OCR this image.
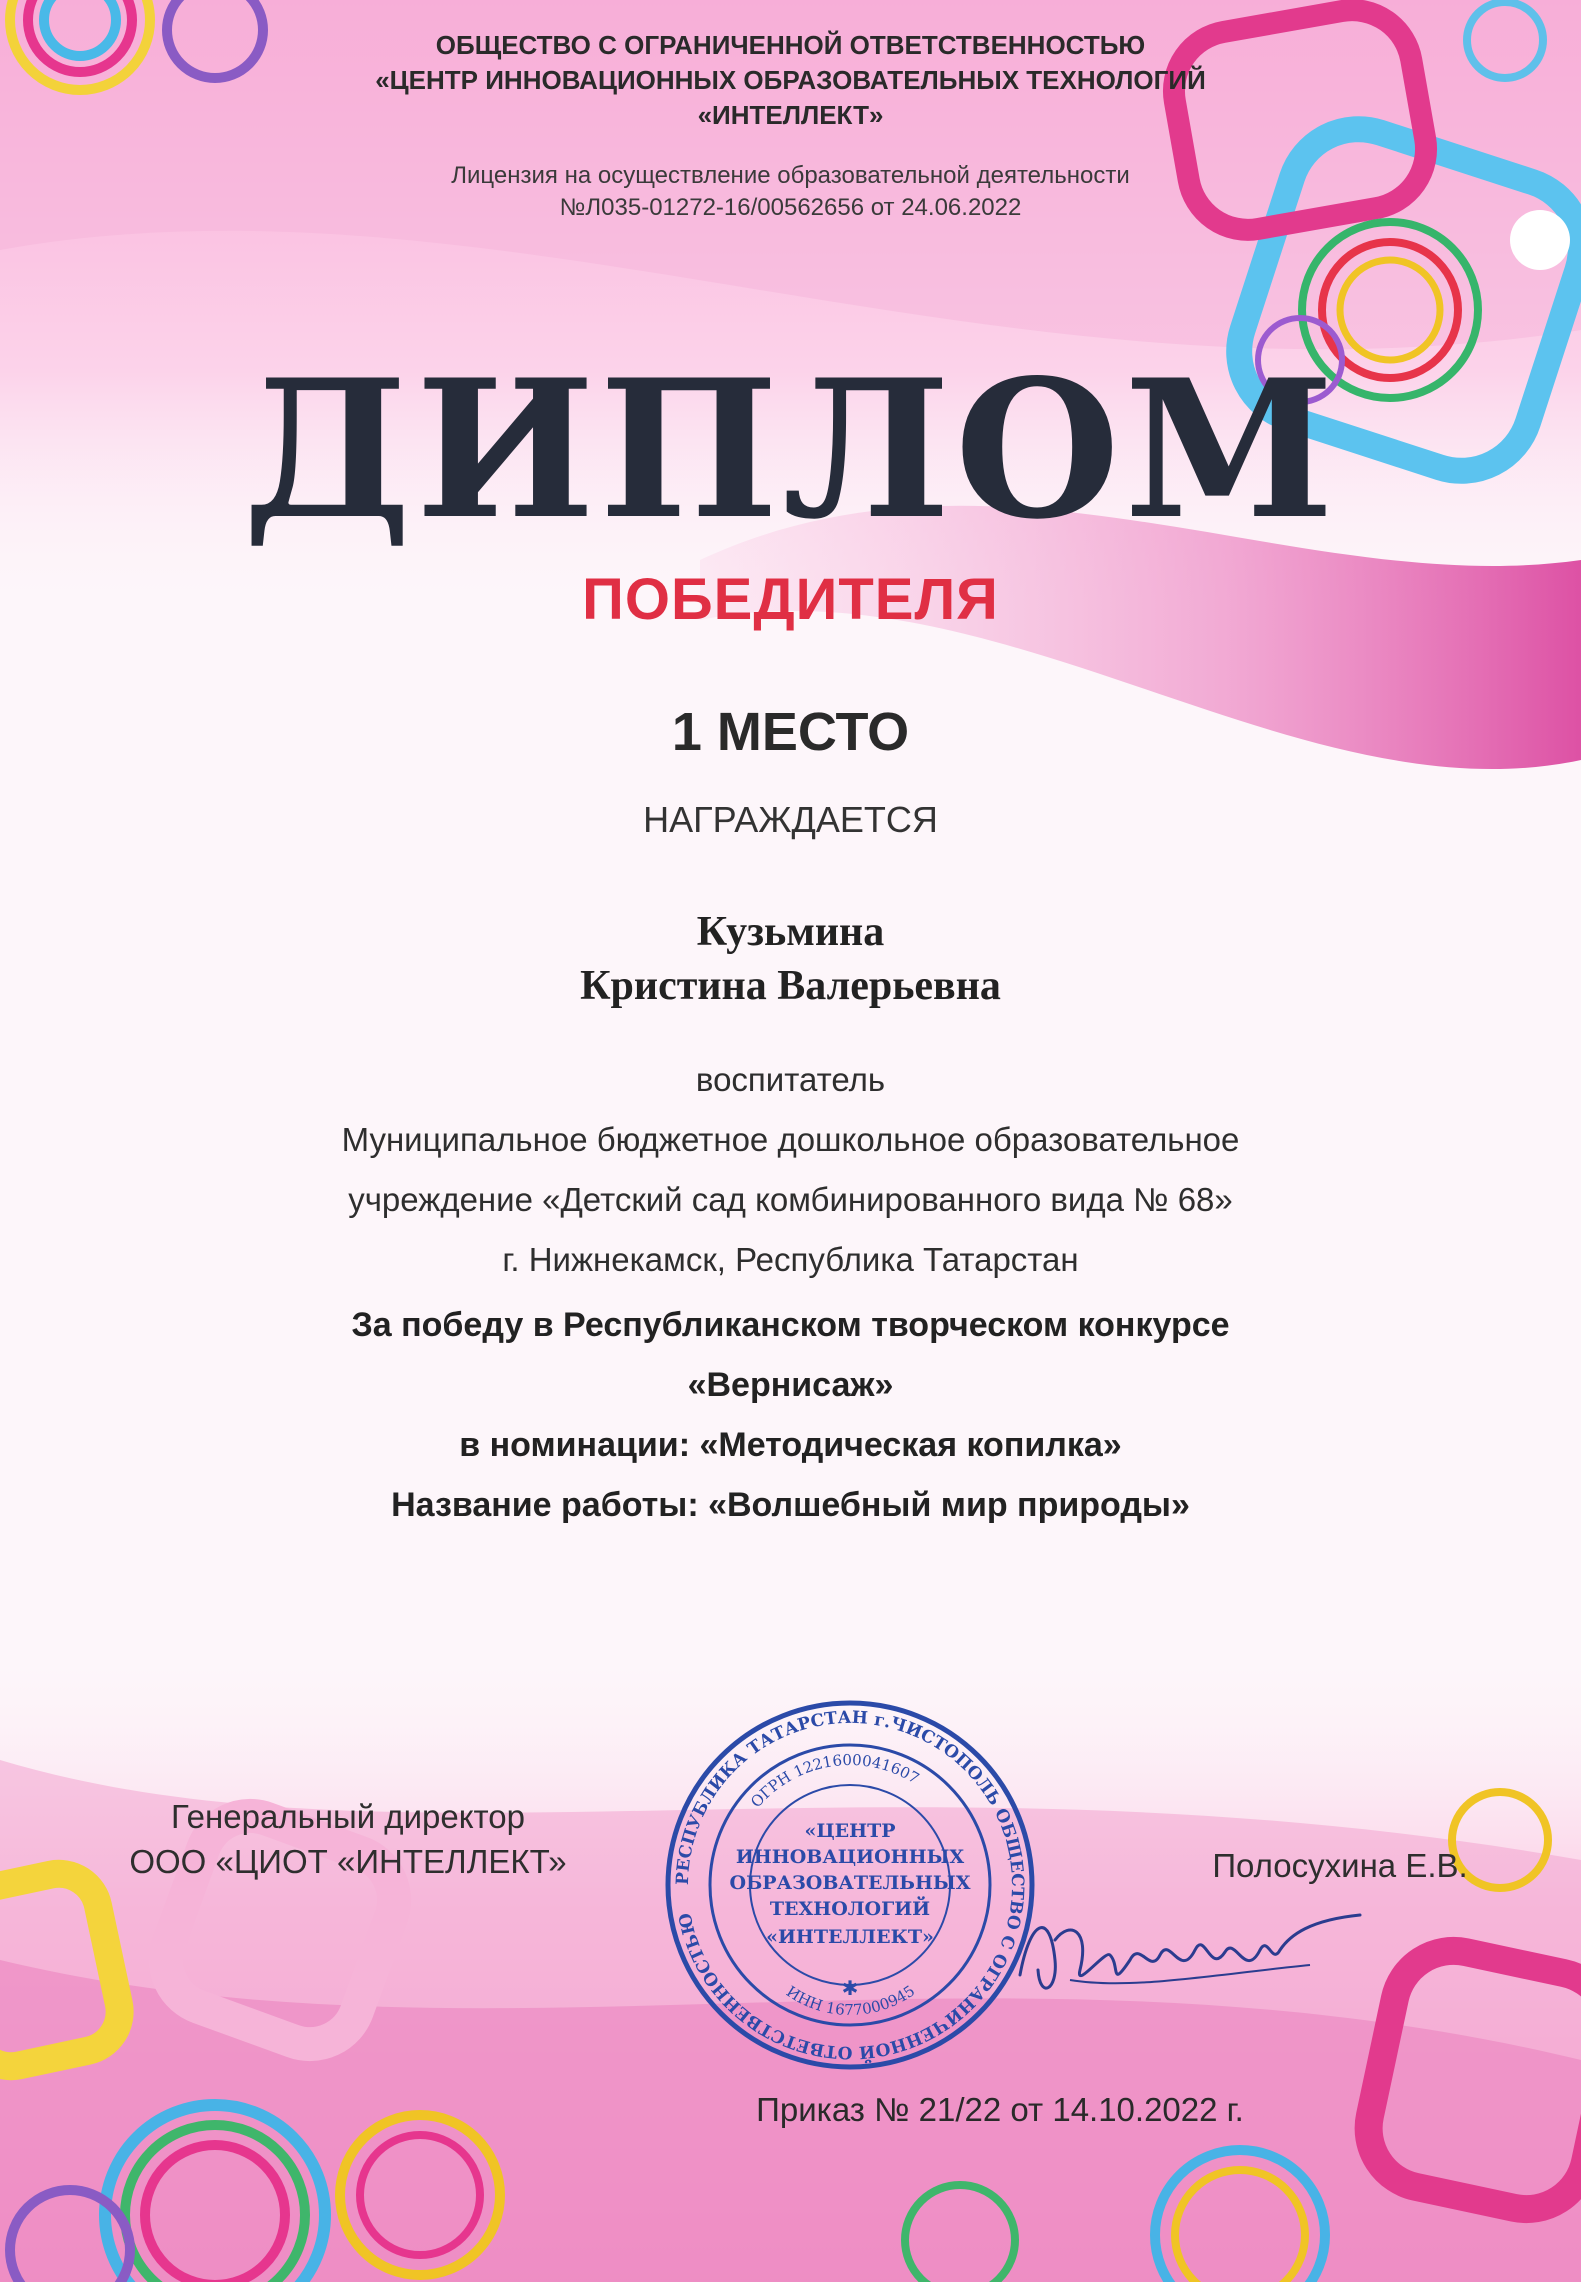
ОБЩЕСТВО С ОГРАНИЧЕННОЙ ОТВЕТСТВЕННОСТЬЮ
«ЦЕНТР ИННОВАЦИОННЫХ ОБРАЗОВАТЕЛЬНЫХ ТЕХНОЛОГИЙ
«ИНТЕЛЛЕКТ»
Лицензия на осуществление образовательной деятельности
№Л035-01272-16/00562656 от 24.06.2022
ДИПЛОМ
ПОБЕДИТЕЛЯ
1 МЕСТО
НАГРАЖДАЕТСЯ
Кузьмина
Кристина Валерьевна
воспитатель
Муниципальное бюджетное дошкольное образовательное
учреждение «Детский сад комбинированного вида № 68»
г. Нижнекамск, Республика Татарстан
За победу в Республиканском творческом конкурсе
«Вернисаж»
в номинации: «Методическая копилка»
Название работы: «Волшебный мир природы»
Генеральный директор
ООО «ЦИОТ «ИНТЕЛЛЕКТ»	Полосухина Е.В.
РЕСПУБЛИКА ТАТАРСТАН г.ЧИСТОПОЛЬ ОБЩЕСТВО С ОГРАНИЧЕННОЙ ОТВЕТСТВЕННОСТЬЮ
ОГРН 1221600041607
ИНН 1677000945
«ЦЕНТР
ИННОВАЦИОННЫХ
ОБРАЗОВАТЕЛЬНЫХ
ТЕХНОЛОГИЙ
«ИНТЕЛЛЕКТ»
✱
Приказ № 21/22 от 14.10.2022 г.
